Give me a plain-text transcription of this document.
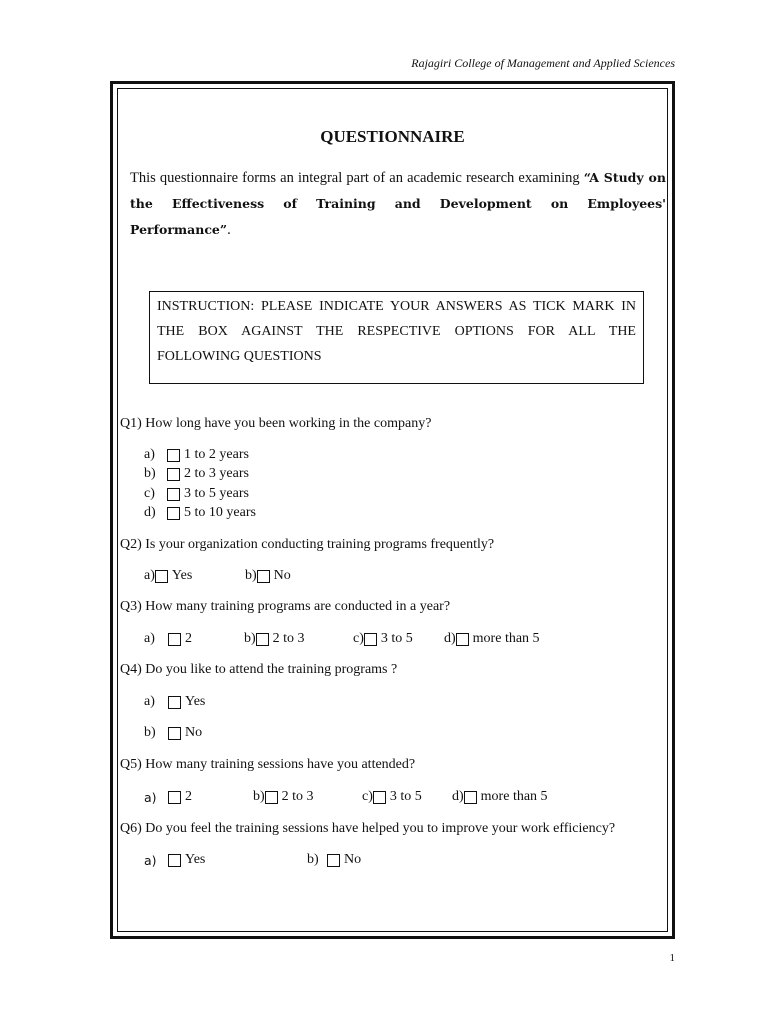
Rajagiri College of Management and Applied Sciences
QUESTIONNAIRE
This questionnaire forms an integral part of an academic research examining “A Study on the Effectiveness of Training and Development on Employees' Performance”.
INSTRUCTION: PLEASE INDICATE YOUR ANSWERS AS TICK MARK IN THE BOX AGAINST THE RESPECTIVE OPTIONS FOR ALL THE FOLLOWING QUESTIONS
Q1) How long have you been working in the company?
a)	1 to 2 years
b)	2 to 3 years
c)	3 to 5 years
d)	5 to 10 years
Q2) Is your organization conducting training programs frequently?
a) Yes	b) No
Q3) How many training programs are conducted in a year?
a)	2	b) 2 to 3	c) 3 to 5 d) more than 5
Q4) Do you like to attend the training programs ?
a)	Yes
b)	No
Q5) How many training sessions have you attended?
a)	2	b) 2 to 3	c) 3 to 5 d) more than 5
Q6) Do you feel the training sessions have helped you to improve your work efficiency?
a)	Yes	b)	No
1
